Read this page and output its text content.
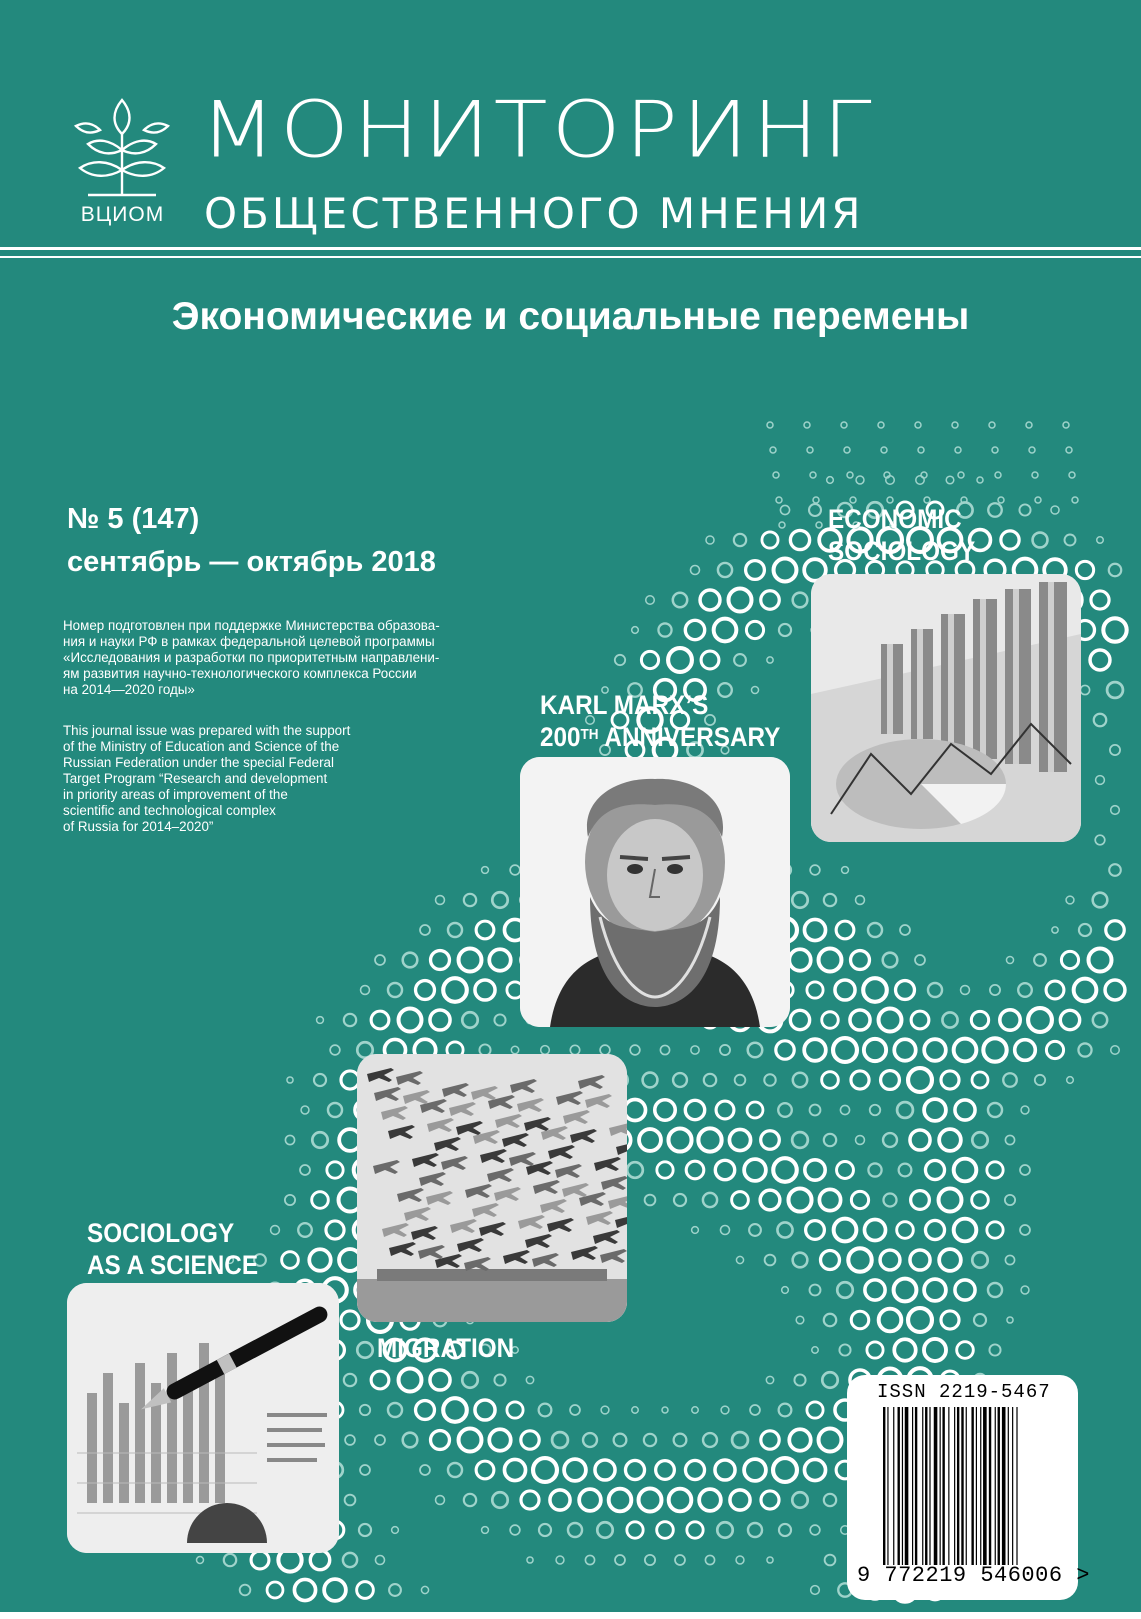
ВЦИОМ
МОНИТОРИНГ
ОБЩЕСТВЕННОГО МНЕНИЯ
Экономические и социальные перемены
№ 5 (147)
сентябрь — октябрь 2018
Номер подготовлен при поддержке Министерства образова-
ния и науки РФ в рамках федеральной целевой программы
«Исследования и разработки по приоритетным направлени-
ям развития научно-технологического комплекса России
на 2014—2020 годы»
This journal issue was prepared with the support
of the Ministry of Education and Science of the
Russian Federation under the special Federal
Target Program “Research and development
in priority areas of improvement of the
scientific and technological complex
of Russia for 2014–2020”
ECONOMIC
SOCIOLOGY
KARL MARX’S
200TH ANNIVERSARY
MIGRATION
SOCIOLOGY
AS A SCIENCE
ISSN 2219-5467
9 772219 546006 >
